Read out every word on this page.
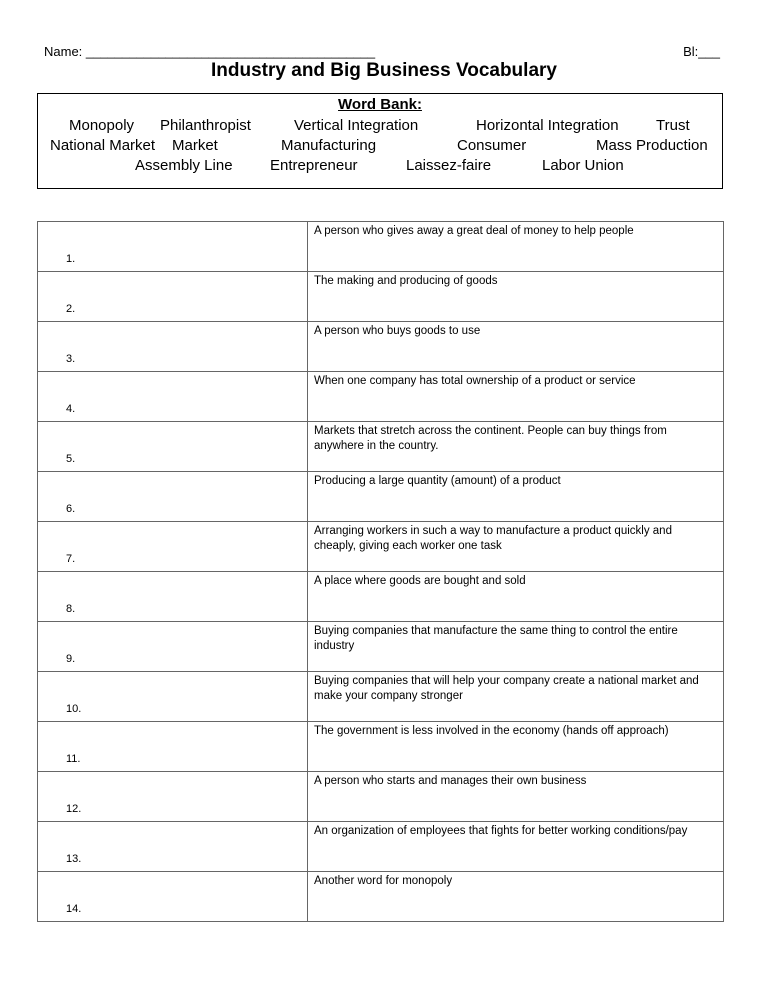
Name: ________________________________________	Bl:___
Industry and Big Business Vocabulary
Word Bank:
Monopoly Philanthropist	Vertical Integration	Horizontal Integration Trust
National Market Market	Manufacturing	Consumer	Mass Production
Assembly Line Entrepreneur	Laissez-faire	Labor Union
1.	A person who gives away a great deal of money to help people

2.	The making and producing of goods

3.	A person who buys goods to use

4.	When one company has total ownership of a product or service

5.	Markets that stretch across the continent. People can buy things from anywhere in the country.

6.	Producing a large quantity (amount) of a product

7.	Arranging workers in such a way to manufacture a product quickly and cheaply, giving each worker one task

8.	A place where goods are bought and sold

9.	Buying companies that manufacture the same thing to control the entire industry

10.	Buying companies that will help your company create a national market and make your company stronger

11.	The government is less involved in the economy (hands off approach)

12.	A person who starts and manages their own business

13.	An organization of employees that fights for better working conditions/pay

14.	Another word for monopoly
